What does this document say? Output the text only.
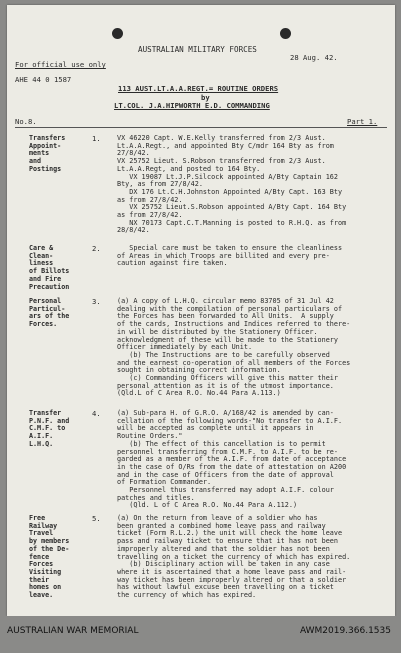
AUSTRALIAN MILITARY FORCES
28 Aug. 42.
For official use only
AHE 44 0 1587
113 AUST.LT.A.A.REGT.= ROUTINE ORDERS
by
LT.COL. J.A.HIPWORTH E.D. COMMANDING
No.8.	Part 1.
Transfers
Appoint-
ments
and
Postings
1. VX 46220 Capt. W.E.Kelly transferred from 2/3 Aust.
Lt.A.A.Regt., and appointed Bty C/mdr 164 Bty as from
27/8/42.
VX 25752 Lieut. S.Robson transferred from 2/3 Aust.
Lt.A.A.Regt, and posted to 164 Bty.
VX 19087 Lt.J.P.Silcock appointed A/Bty Captain 162
Bty, as from 27/8/42.
DX 176 Lt.C.H.Johnston Appointed A/Bty Capt. 163 Bty
as from 27/8/42.
VX 25752 Lieut.S.Robson appointed A/Bty Capt. 164 Bty
as from 27/8/42.
NX 70173 Capt.C.T.Manning is posted to R.H.Q. as from
28/8/42.
Care &
Clean-
liness
of Billots
and Fire
Precaution
2.	Special care must be taken to ensure the cleanliness
of Areas in which Troops are billited and every pre-
caution against fire taken.
Personal
Particul-
ars of the
Forces.
3. (a) A copy of L.H.Q. circular memo 83705 of 31 Jul 42
dealing with the compilation of personal particulars of
the Forces has been forwarded to All Units.  A supply
of the cards, Instructions and Indices referred to there-
in will be distributed by the Stationery Officer.
acknowledgment of these will be made to the Stationery
Officer immediately by each Unit.
(b) The Instructions are to be carefully observed
and the earnest co-operation of all members of the Forces
sought in obtaining correct information.
(c) Commanding Officers will give this matter their
personal attention as it is of the utmost importance.
(Qld.L of C Area R.O. No.44 Para A.113.)
Transfer
P.N.F. and
C.M.F. to
A.I.F.
L.H.Q.
4. (a) Sub-para H. of G.R.O. A/168/42 is amended by can-
cellation of the following words-"No transfer to A.I.F.
will be accepted as complete until it appears in
Routine Orders."
(b) The effect of this cancellation is to permit
personnel transferring from C.M.F. to A.I.F. to be re-
garded as a member of the A.I.F. from date of acceptance
in the case of O/Rs from the date of attestation on A200
and in the case of Officers from the date of approval
of Formation Commander.
Personnel thus transferred may adopt A.I.F. colour
patches and titles.
(Qld. L of C Area R.O. No.44 Para A.112.)
Free
Railway
Travel
by members
of the De-
fence
Forces
Visiting
their
homes on
leave.
5. (a) On the return from leave of a soldier who has
been granted a combined home leave pass and railway
ticket (Form R.L.2.) the unit will check the home leave
pass and railway ticket to ensure that it has not been
improperly altered and that the soldier has not been
travelling on a ticket the currency of which has expired.
(b) Disciplinary action will be taken in any case
where it is ascertained that a home leave pass and rail-
way ticket has been improperly altered or that a soldier
has without lawful excuse been travelling on a ticket
the currency of which has expired.
AUSTRALIAN WAR MEMORIAL	AWM2019.366.1535
